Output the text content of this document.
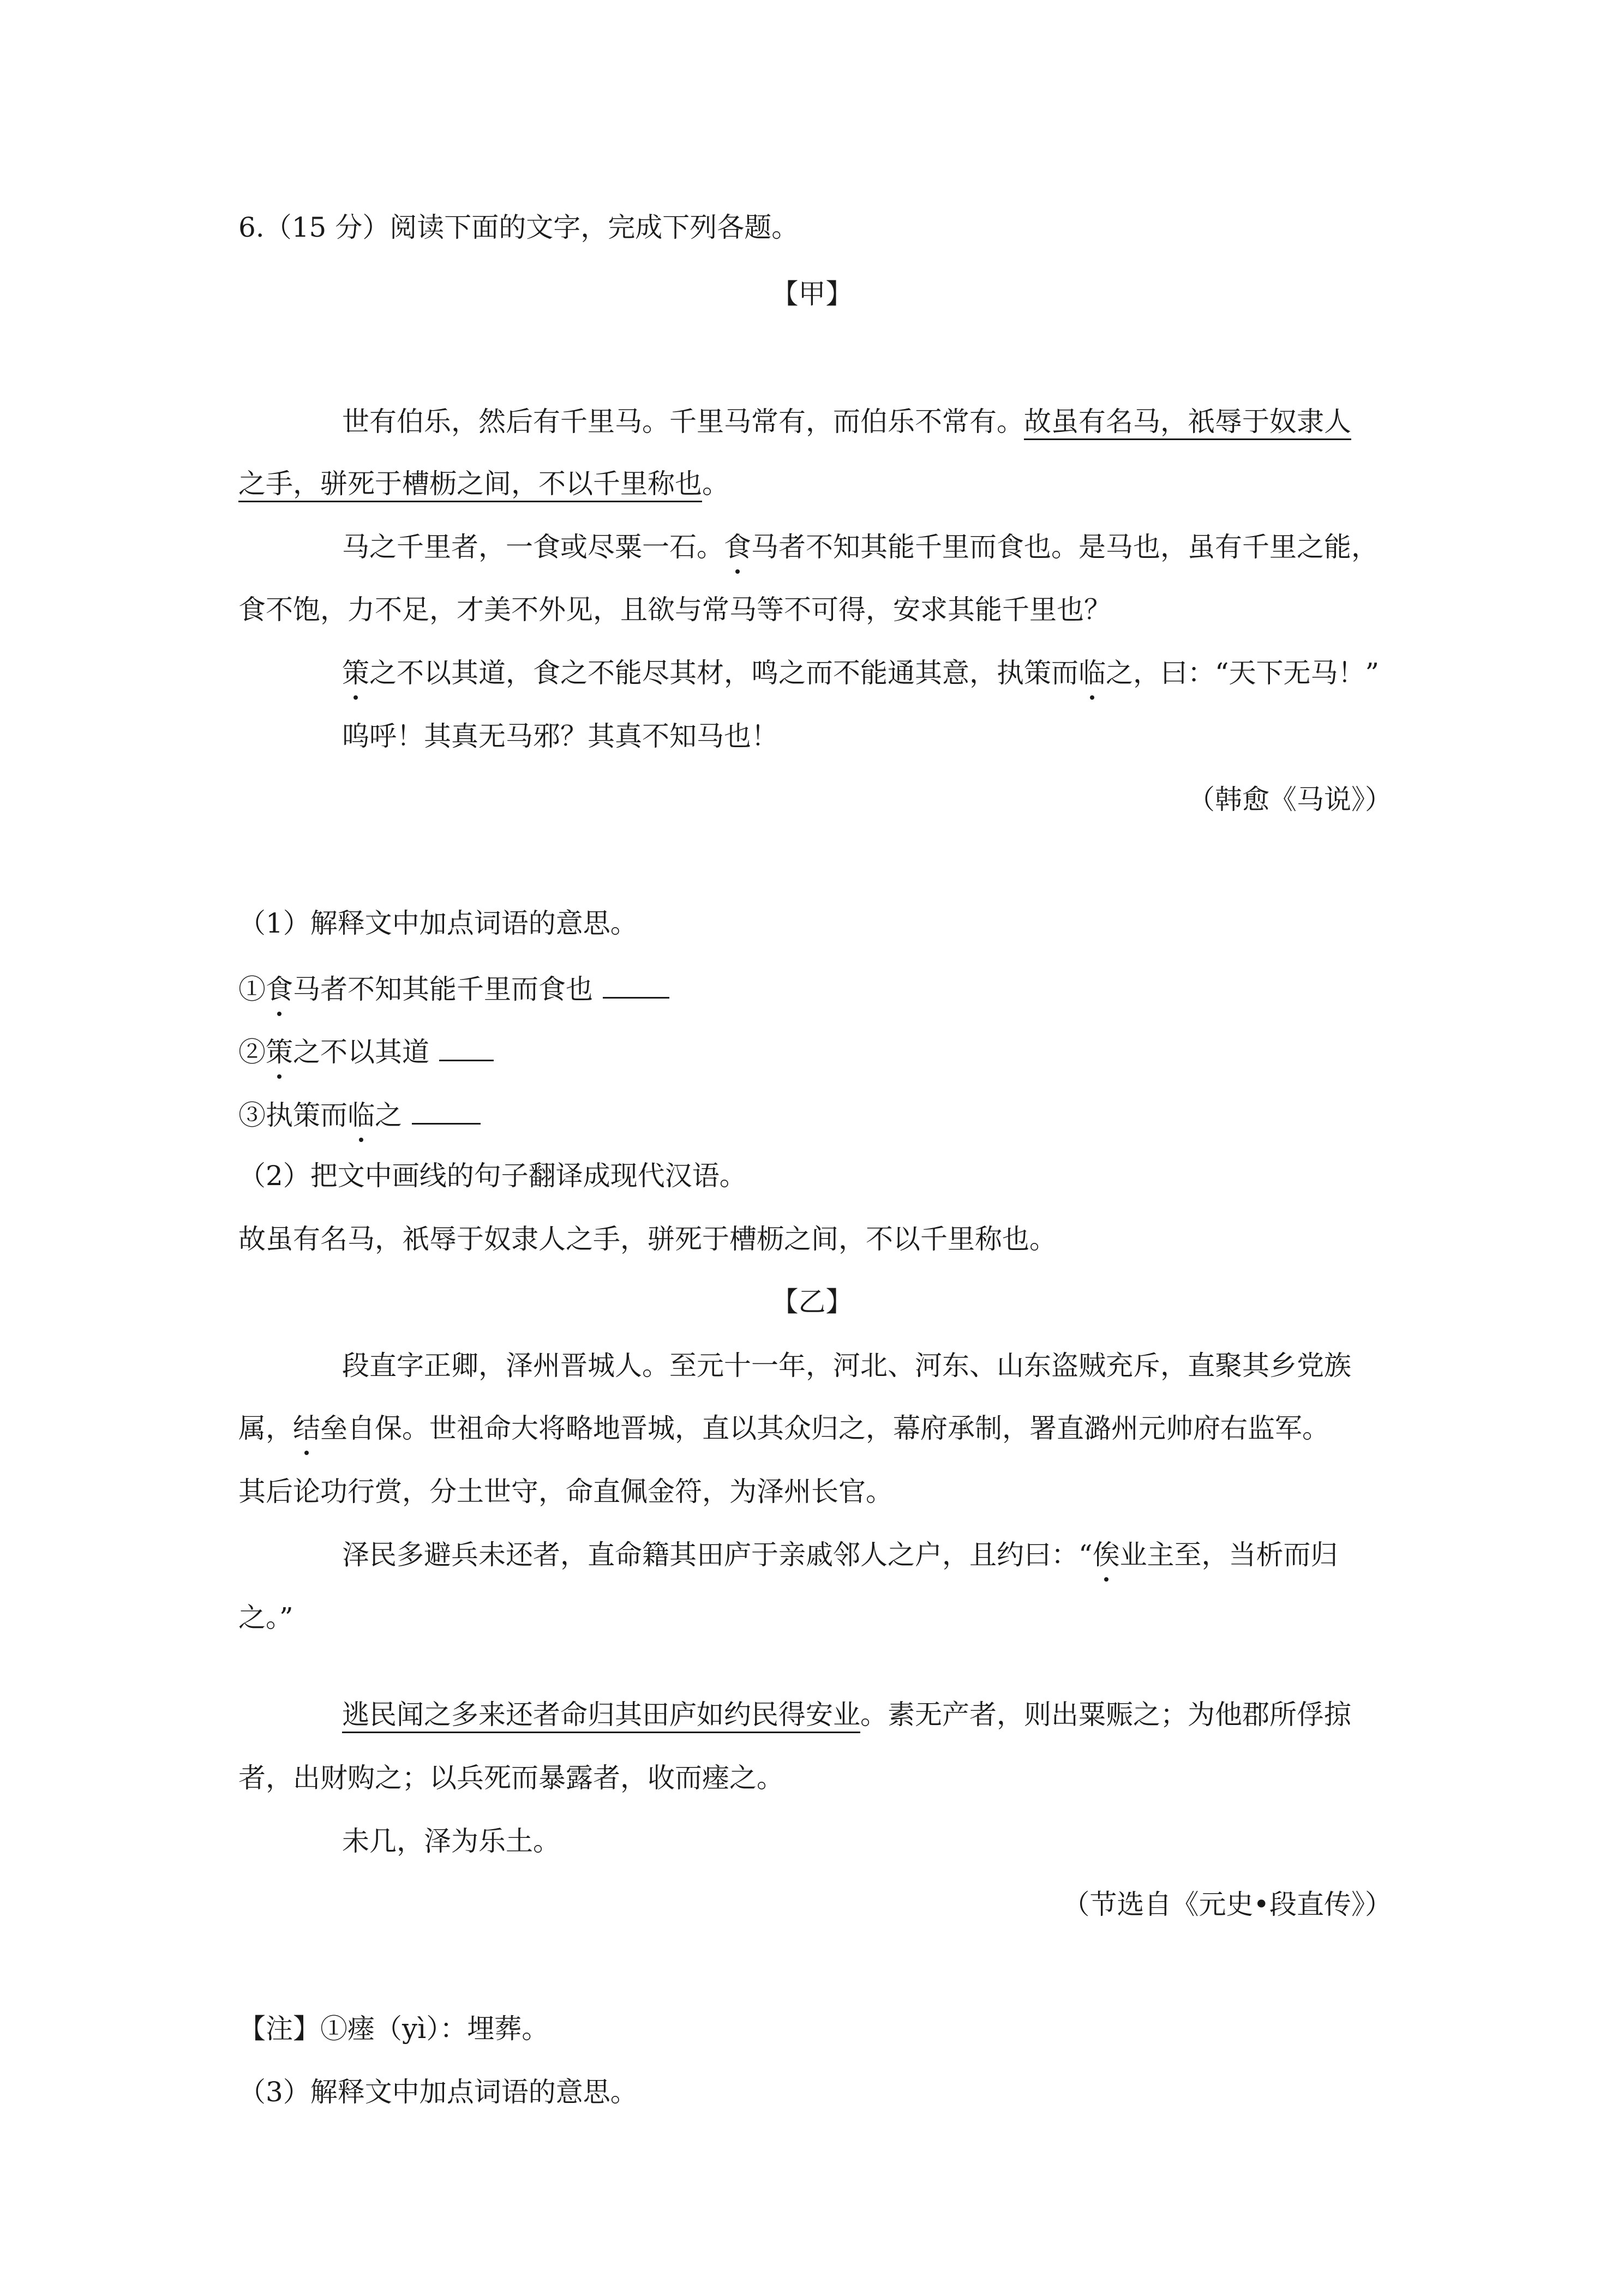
6.（15 分）阅读下面的文字，完成下列各题。
【甲】
世有伯乐，然后有千里马。千里马常有，而伯乐不常有。故虽有名马，祇辱于奴隶人
之手，骈死于槽枥之间，不以千里称也。
马之千里者，一食或尽粟一石。食马者不知其能千里而食也。是马也，虽有千里之能，
食不饱，力不足，才美不外见，且欲与常马等不可得，安求其能千里也？
策之不以其道，食之不能尽其材，鸣之而不能通其意，执策而临之，曰：“天下无马！”
呜呼！其真无马邪？其真不知马也！
（韩愈《马说》）
（1）解释文中加点词语的意思。
①食马者不知其能千里而食也
②策之不以其道
③执策而临之
（2）把文中画线的句子翻译成现代汉语。
故虽有名马，祇辱于奴隶人之手，骈死于槽枥之间，不以千里称也。
【乙】
段直字正卿，泽州晋城人。至元十一年，河北、河东、山东盗贼充斥，直聚其乡党族
属，结垒自保。世祖命大将略地晋城，直以其众归之，幕府承制，署直潞州元帅府右监军。
其后论功行赏，分土世守，命直佩金符，为泽州长官。
泽民多避兵未还者，直命籍其田庐于亲戚邻人之户，且约曰：“俟业主至，当析而归
之。”
逃民闻之多来还者命归其田庐如约民得安业。素无产者，则出粟赈之；为他郡所俘掠
者，出财购之；以兵死而暴露者，收而瘗之。
未几，泽为乐土。
（节选自《元史•段直传》）
【注】①瘗（yì）：埋葬。
（3）解释文中加点词语的意思。
